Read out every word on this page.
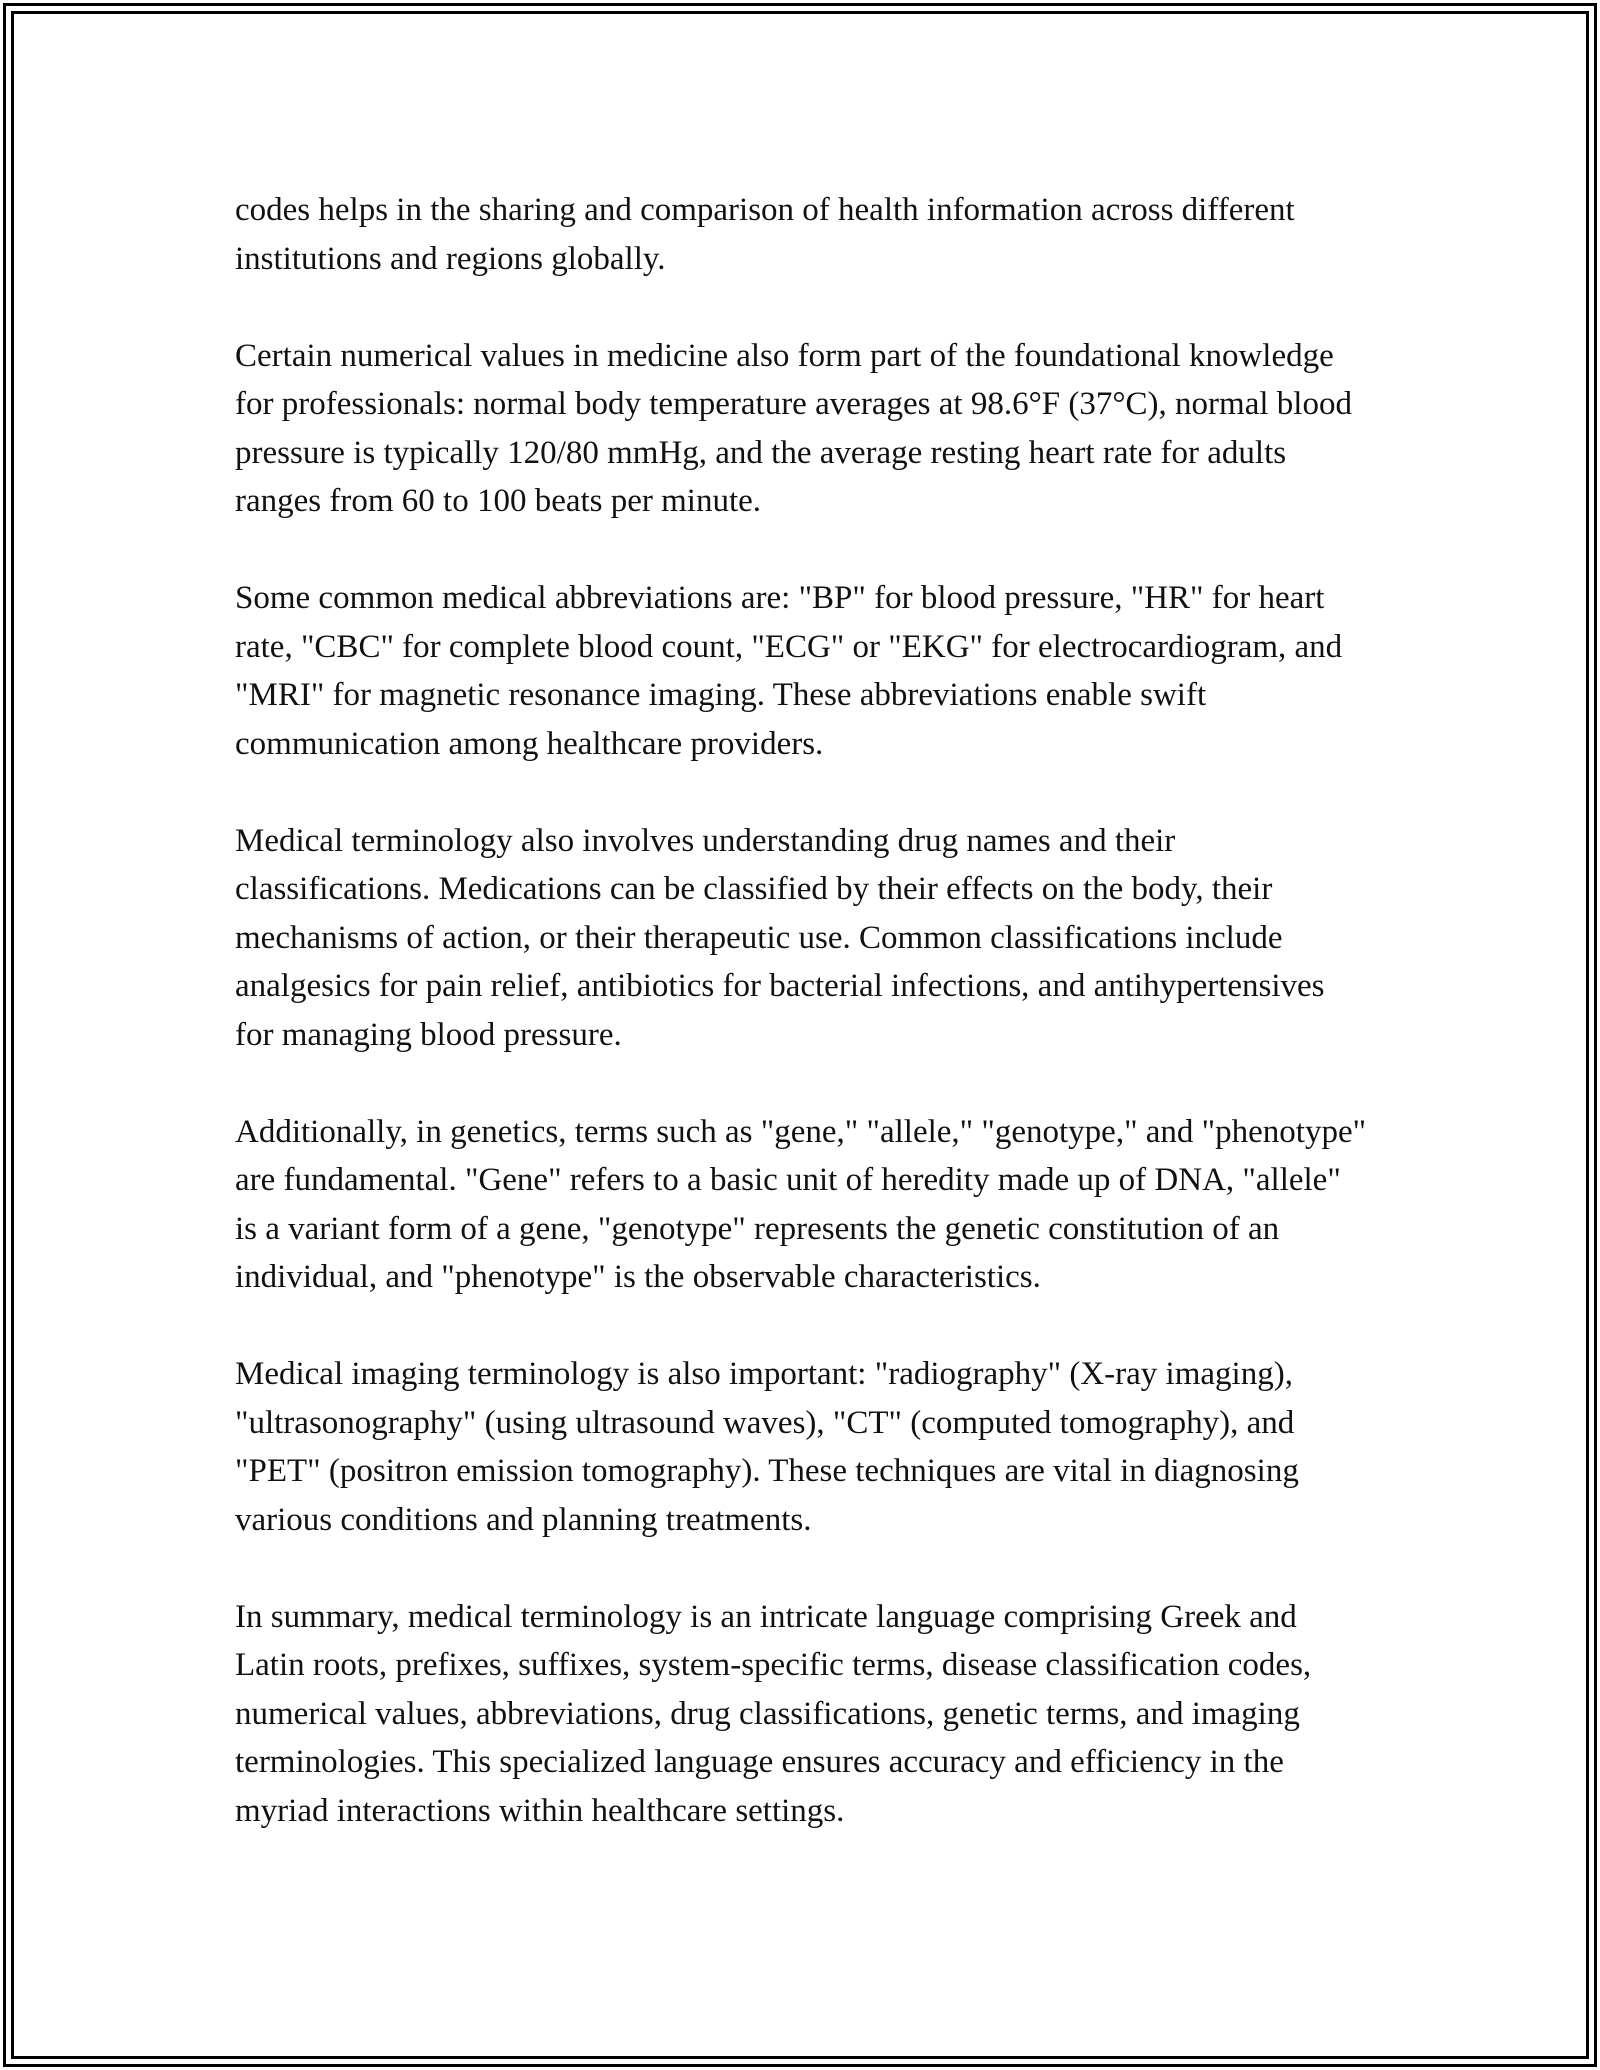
codes helps in the sharing and comparison of health information across different institutions and regions globally.

Certain numerical values in medicine also form part of the foundational knowledge for professionals: normal body temperature averages at 98.6°F (37°C), normal blood pressure is typically 120/80 mmHg, and the average resting heart rate for adults ranges from 60 to 100 beats per minute.

Some common medical abbreviations are: "BP" for blood pressure, "HR" for heart rate, "CBC" for complete blood count, "ECG" or "EKG" for electrocardiogram, and "MRI" for magnetic resonance imaging. These abbreviations enable swift communication among healthcare providers.

Medical terminology also involves understanding drug names and their classifications. Medications can be classified by their effects on the body, their mechanisms of action, or their therapeutic use. Common classifications include analgesics for pain relief, antibiotics for bacterial infections, and antihypertensives for managing blood pressure.

Additionally, in genetics, terms such as "gene," "allele," "genotype," and "phenotype" are fundamental. "Gene" refers to a basic unit of heredity made up of DNA, "allele" is a variant form of a gene, "genotype" represents the genetic constitution of an individual, and "phenotype" is the observable characteristics.

Medical imaging terminology is also important: "radiography" (X-ray imaging), "ultrasonography" (using ultrasound waves), "CT" (computed tomography), and "PET" (positron emission tomography). These techniques are vital in diagnosing various conditions and planning treatments.

In summary, medical terminology is an intricate language comprising Greek and Latin roots, prefixes, suffixes, system-specific terms, disease classification codes, numerical values, abbreviations, drug classifications, genetic terms, and imaging terminologies. This specialized language ensures accuracy and efficiency in the myriad interactions within healthcare settings.
